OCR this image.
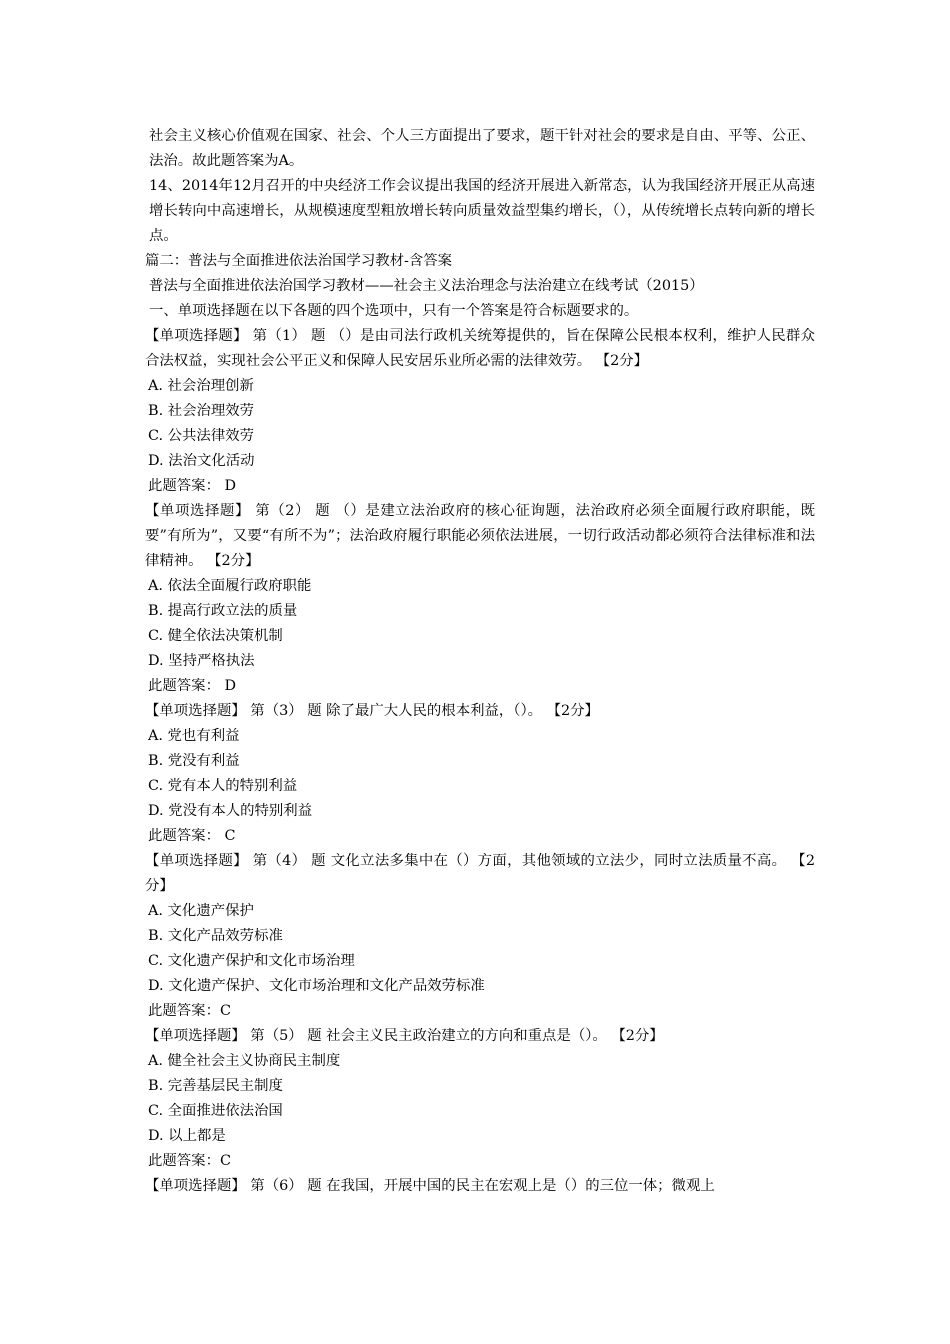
社会主义核心价值观在国家、社会、个人三方面提出了要求，题干针对社会的要求是自由、平等、公正、法治。故此题答案为A。

14、2014年12月召开的中央经济工作会议提出我国的经济开展进入新常态，认为我国经济开展正从高速增长转向中高速增长，从规模速度型粗放增长转向质量效益型集约增长，（），从传统增长点转向新的增长点。

篇二：普法与全面推进依法治国学习教材-含答案

普法与全面推进依法治国学习教材——社会主义法治理念与法治建立在线考试（2015）

一、单项选择题在以下各题的四个选项中，只有一个答案是符合标题要求的。

【单项选择题】 第（1） 题 （）是由司法行政机关统筹提供的，旨在保障公民根本权利，维护人民群众合法权益，实现社会公平正义和保障人民安居乐业所必需的法律效劳。 【2分】

A. 社会治理创新

B. 社会治理效劳

C. 公共法律效劳

D. 法治文化活动

此题答案： D

【单项选择题】 第（2） 题 （）是建立法治政府的核心征询题，法治政府必须全面履行政府职能，既要”有所为”，又要“有所不为”；法治政府履行职能必须依法进展，一切行政活动都必须符合法律标准和法律精神。 【2分】

A. 依法全面履行政府职能

B. 提高行政立法的质量

C. 健全依法决策机制

D. 坚持严格执法

此题答案： D

【单项选择题】 第（3） 题 除了最广大人民的根本利益，（）。 【2分】

A. 党也有利益

B. 党没有利益

C. 党有本人的特别利益

D. 党没有本人的特别利益

此题答案： C

【单项选择题】 第（4） 题 文化立法多集中在（）方面，其他领域的立法少，同时立法质量不高。 【2分】

A. 文化遗产保护

B. 文化产品效劳标准

C. 文化遗产保护和文化市场治理

D. 文化遗产保护、文化市场治理和文化产品效劳标准

此题答案：C

【单项选择题】 第（5） 题 社会主义民主政治建立的方向和重点是（）。 【2分】

A. 健全社会主义协商民主制度

B. 完善基层民主制度

C. 全面推进依法治国

D. 以上都是

此题答案：C

【单项选择题】 第（6） 题 在我国，开展中国的民主在宏观上是（）的三位一体；微观上
